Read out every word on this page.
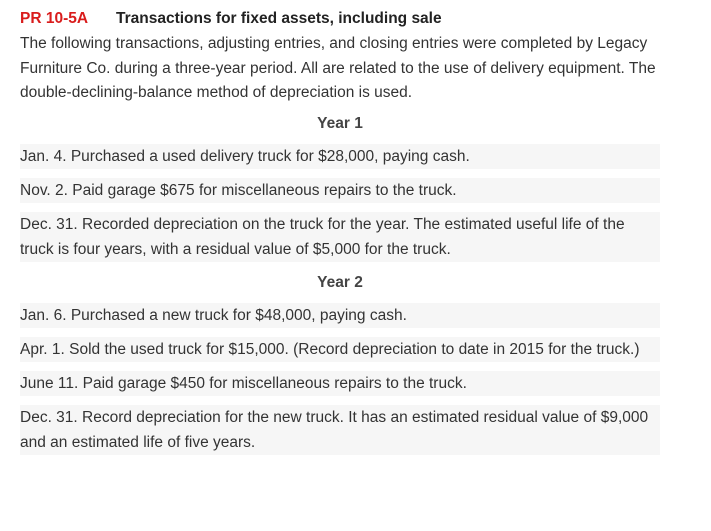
PR 10-5A Transactions for fixed assets, including sale

The following transactions, adjusting entries, and closing entries were completed by Legacy Furniture Co. during a three-year period. All are related to the use of delivery equipment. The double-declining-balance method of depreciation is used.

Year 1

Jan. 4. Purchased a used delivery truck for $28,000, paying cash.

Nov. 2. Paid garage $675 for miscellaneous repairs to the truck.

Dec. 31. Recorded depreciation on the truck for the year. The estimated useful life of the truck is four years, with a residual value of $5,000 for the truck.

Year 2

Jan. 6. Purchased a new truck for $48,000, paying cash.

Apr. 1. Sold the used truck for $15,000. (Record depreciation to date in 2015 for the truck.)

June 11. Paid garage $450 for miscellaneous repairs to the truck.

Dec. 31. Record depreciation for the new truck. It has an estimated residual value of $9,000 and an estimated life of five years.
